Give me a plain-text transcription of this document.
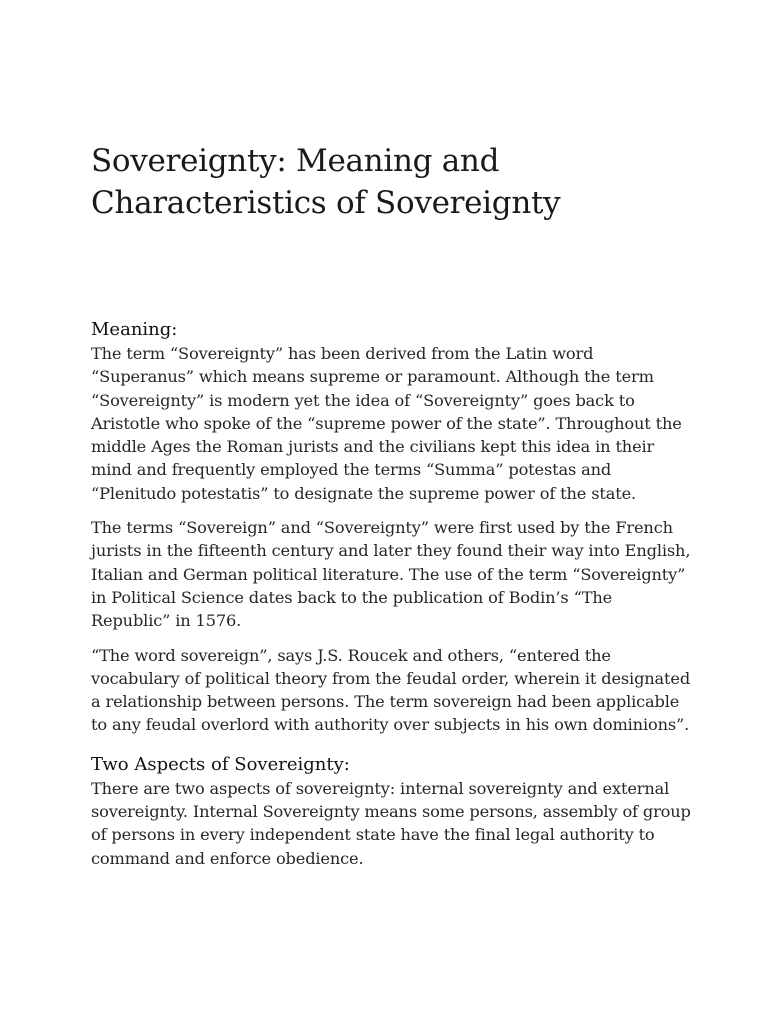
Sovereignty: Meaning and Characteristics of Sovereignty
Meaning:

The term “Sovereignty” has been derived from the Latin word “Superanus” which means supreme or paramount. Although the term “Sovereignty” is modern yet the idea of “Sovereignty” goes back to Aristotle who spoke of the “supreme power of the state”. Throughout the middle Ages the Roman jurists and the civilians kept this idea in their mind and frequently employed the terms “Summa” potestas and “Plenitudo potestatis” to designate the supreme power of the state.

The terms “Sovereign” and “Sovereignty” were first used by the French jurists in the fifteenth century and later they found their way into English, Italian and German political literature. The use of the term “Sovereignty” in Political Science dates back to the publication of Bodin’s “The Republic” in 1576.

“The word sovereign”, says J.S. Roucek and others, “entered the vocabulary of political theory from the feudal order, wherein it designated a relationship between persons. The term sovereign had been applicable to any feudal overlord with authority over subjects in his own dominions”.

Two Aspects of Sovereignty:

There are two aspects of sovereignty: internal sovereignty and external sovereignty. Internal Sovereignty means some persons, assembly of group of persons in every independent state have the final legal authority to command and enforce obedience.
